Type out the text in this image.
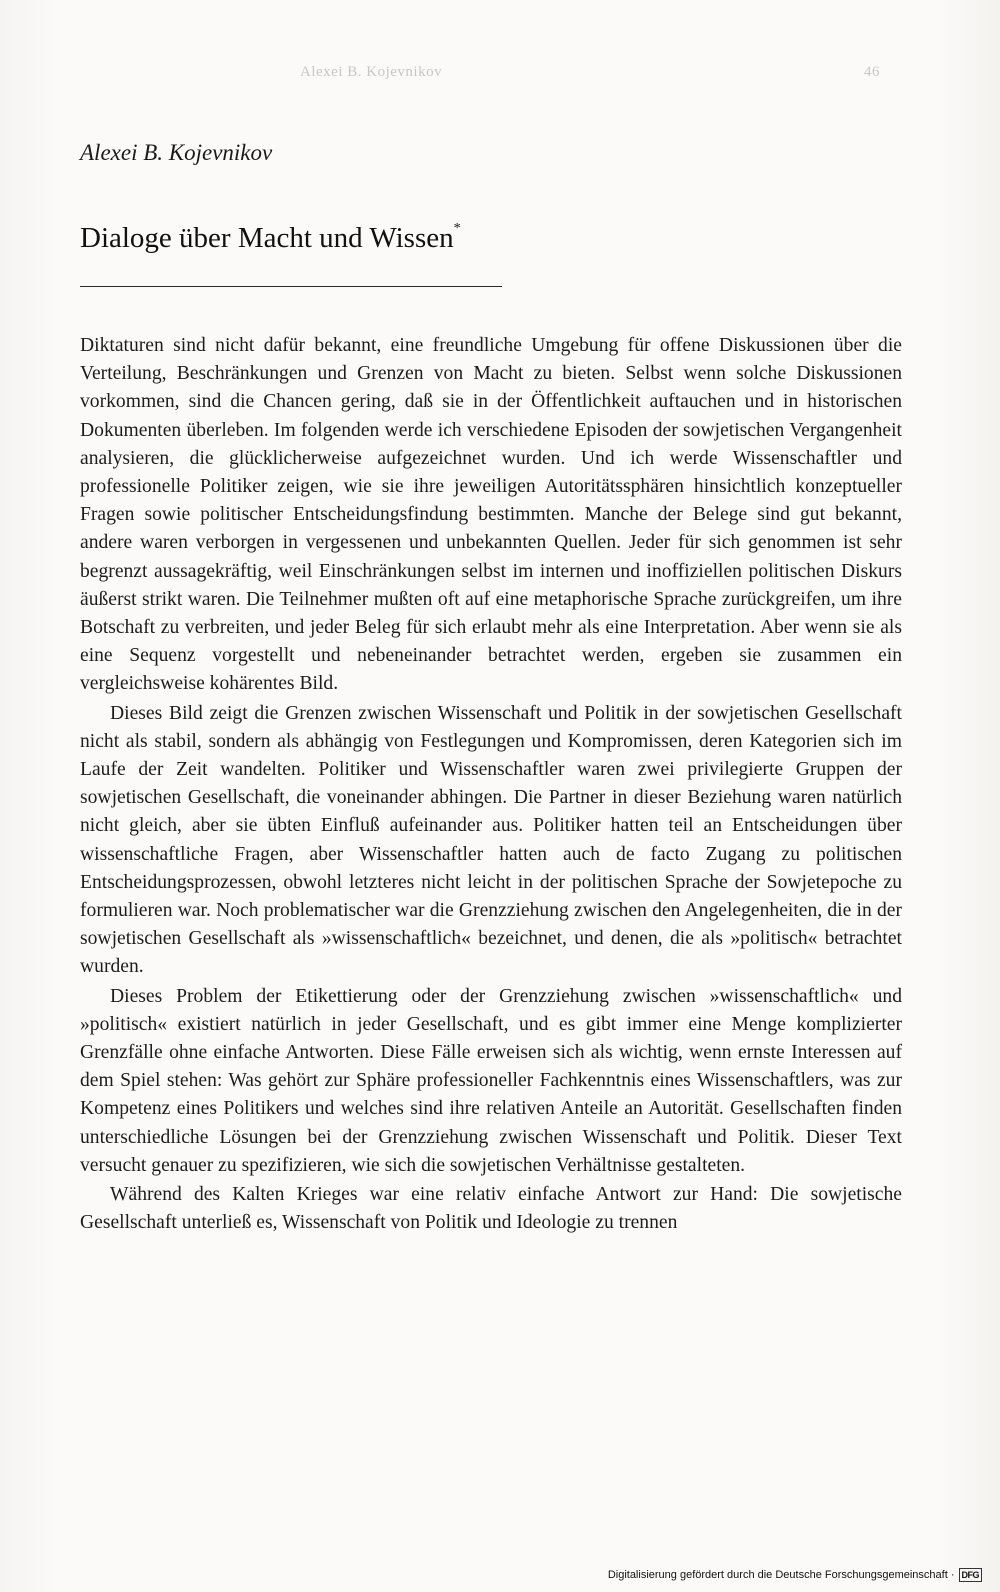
Alexei B. Kojevnikov	46
Alexei B. Kojevnikov
Dialoge über Macht und Wissen*

Diktaturen sind nicht dafür bekannt, eine freundliche Umgebung für offene Diskussionen über die Verteilung, Beschränkungen und Grenzen von Macht zu bieten. Selbst wenn solche Diskussionen vorkommen, sind die Chancen gering, daß sie in der Öffentlichkeit auftauchen und in historischen Dokumenten überleben. Im folgenden werde ich verschiedene Episoden der sowjetischen Vergangenheit analysieren, die glücklicherweise aufgezeichnet wurden. Und ich werde Wissenschaftler und professionelle Politiker zeigen, wie sie ihre jeweiligen Autoritätssphären hinsichtlich konzeptueller Fragen sowie politischer Entscheidungsfindung bestimmten. Manche der Belege sind gut bekannt, andere waren verborgen in vergessenen und unbekannten Quellen. Jeder für sich genommen ist sehr begrenzt aussagekräftig, weil Einschränkungen selbst im internen und inoffiziellen politischen Diskurs äußerst strikt waren. Die Teilnehmer mußten oft auf eine metaphorische Sprache zurückgreifen, um ihre Botschaft zu verbreiten, und jeder Beleg für sich erlaubt mehr als eine Interpretation. Aber wenn sie als eine Sequenz vorgestellt und nebeneinander betrachtet werden, ergeben sie zusammen ein vergleichsweise kohärentes Bild.

Dieses Bild zeigt die Grenzen zwischen Wissenschaft und Politik in der sowjetischen Gesellschaft nicht als stabil, sondern als abhängig von Festlegungen und Kompromissen, deren Kategorien sich im Laufe der Zeit wandelten. Politiker und Wissenschaftler waren zwei privilegierte Gruppen der sowjetischen Gesellschaft, die voneinander abhingen. Die Partner in dieser Beziehung waren natürlich nicht gleich, aber sie übten Einfluß aufeinander aus. Politiker hatten teil an Entscheidungen über wissenschaftliche Fragen, aber Wissenschaftler hatten auch de facto Zugang zu politischen Entscheidungsprozessen, obwohl letzteres nicht leicht in der politischen Sprache der Sowjetepoche zu formulieren war. Noch problematischer war die Grenzziehung zwischen den Angelegenheiten, die in der sowjetischen Gesellschaft als »wissenschaftlich« bezeichnet, und denen, die als »politisch« betrachtet wurden.

Dieses Problem der Etikettierung oder der Grenzziehung zwischen »wissenschaftlich« und »politisch« existiert natürlich in jeder Gesellschaft, und es gibt immer eine Menge komplizierter Grenzfälle ohne einfache Antworten. Diese Fälle erweisen sich als wichtig, wenn ernste Interessen auf dem Spiel stehen: Was gehört zur Sphäre professioneller Fachkenntnis eines Wissenschaftlers, was zur Kompetenz eines Politikers und welches sind ihre relativen Anteile an Autorität. Gesellschaften finden unterschiedliche Lösungen bei der Grenzziehung zwischen Wissenschaft und Politik. Dieser Text versucht genauer zu spezifizieren, wie sich die sowjetischen Verhältnisse gestalteten.

Während des Kalten Krieges war eine relativ einfache Antwort zur Hand: Die sowjetische Gesellschaft unterließ es, Wissenschaft von Politik und Ideologie zu trennen

Digitalisierung gefördert durch die Deutsche Forschungsgemeinschaft · DFG
